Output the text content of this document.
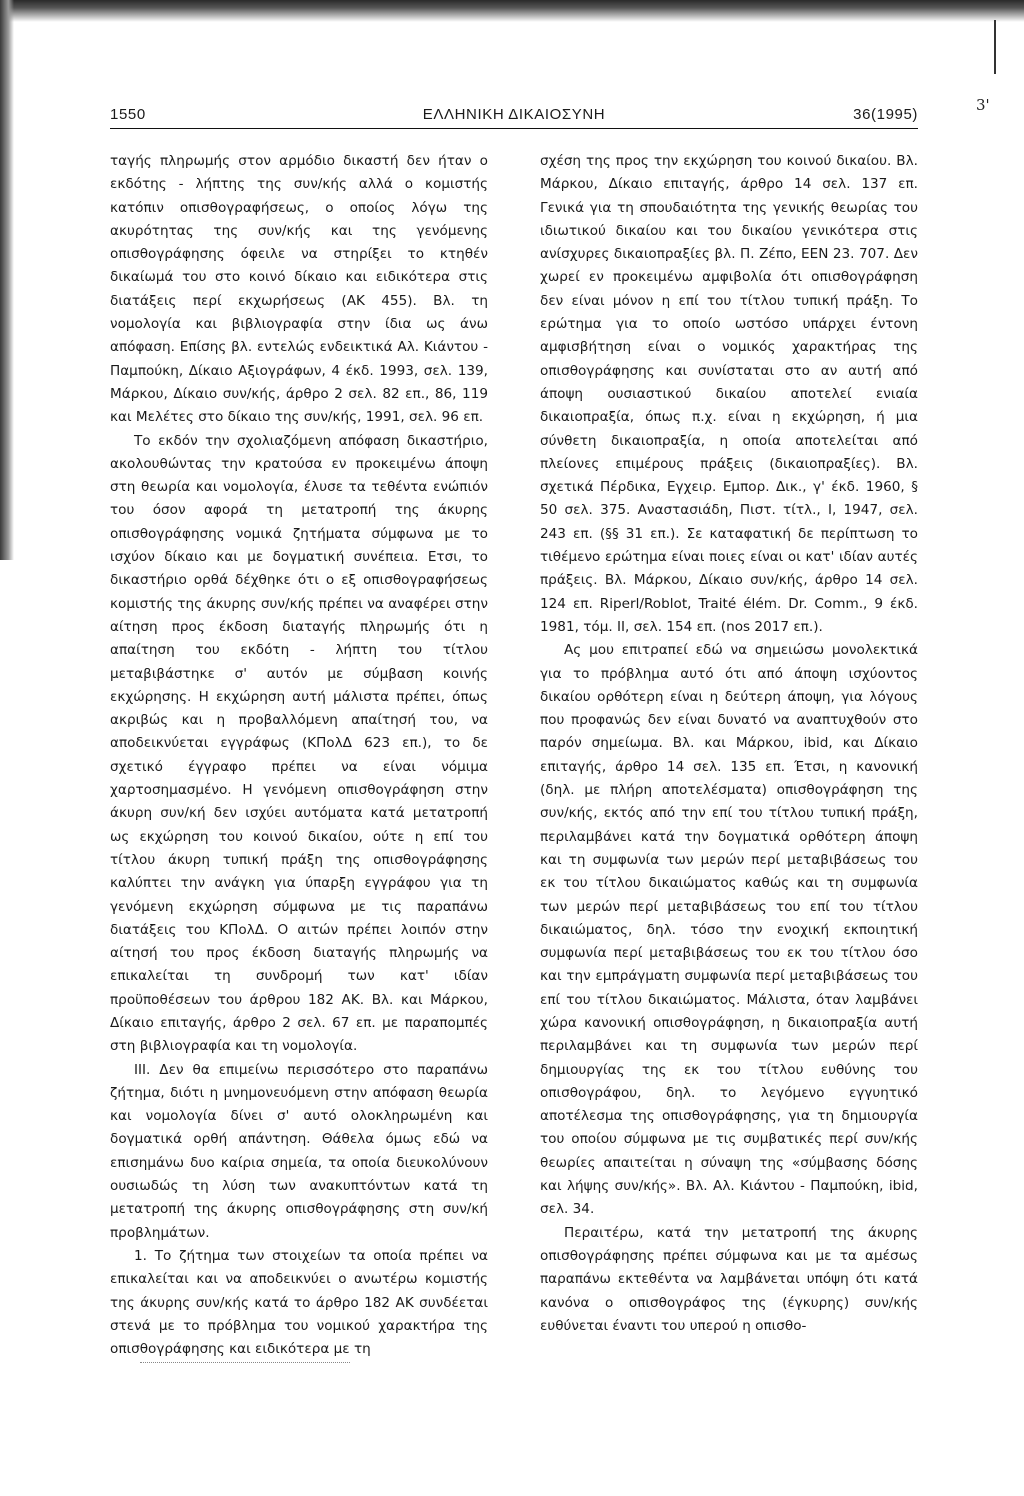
3'
1550	ΕΛΛΗΝΙΚΗ ΔΙΚΑΙΟΣΥΝΗ	36(1995)

ταγής πληρωμής στον αρμόδιο δικαστή δεν ήταν ο εκδότης - λήπτης της συν/κής αλλά ο κομιστής κατόπιν οπισθογραφήσεως, ο οποίος λόγω της ακυρότητας της συν/κής και της γενόμενης οπισθογράφησης όφειλε να στηρίξει το κτηθέν δικαίωμά του στο κοινό δίκαιο και ειδικότερα στις διατάξεις περί εκχωρήσεως (ΑΚ 455). Βλ. τη νομολογία και βιβλιογραφία στην ίδια ως άνω απόφαση. Επίσης βλ. εντελώς ενδεικτικά Αλ. Κιάντου - Παμπούκη, Δίκαιο Αξιογράφων, 4 έκδ. 1993, σελ. 139, Μάρκου, Δίκαιο συν/κής, άρθρο 2 σελ. 82 επ., 86, 119 και Μελέτες στο δίκαιο της συν/κής, 1991, σελ. 96 επ.

Το εκδόν την σχολιαζόμενη απόφαση δικαστήριο, ακολουθώντας την κρατούσα εν προκειμένω άποψη στη θεωρία και νομολογία, έλυσε τα τεθέντα ενώπιόν του όσον αφορά τη μετατροπή της άκυρης οπισθογράφησης νομικά ζητήματα σύμφωνα με το ισχύον δίκαιο και με δογματική συνέπεια. Ετσι, το δικαστήριο ορθά δέχθηκε ότι ο εξ οπισθογραφήσεως κομιστής της άκυρης συν/κής πρέπει να αναφέρει στην αίτηση προς έκδοση διαταγής πληρωμής ότι η απαίτηση του εκδότη - λήπτη του τίτλου μεταβιβάστηκε σ' αυτόν με σύμβαση κοινής εκχώρησης. Η εκχώρηση αυτή μάλιστα πρέπει, όπως ακριβώς και η προβαλλόμενη απαίτησή του, να αποδεικνύεται εγγράφως (ΚΠολΔ 623 επ.), το δε σχετικό έγγραφο πρέπει να είναι νόμιμα χαρτοσημασμένο. Η γενόμενη οπισθογράφηση στην άκυρη συν/κή δεν ισχύει αυτόματα κατά μετατροπή ως εκχώρηση του κοινού δικαίου, ούτε η επί του τίτλου άκυρη τυπική πράξη της οπισθογράφησης καλύπτει την ανάγκη για ύπαρξη εγγράφου για τη γενόμενη εκχώρηση σύμφωνα με τις παραπάνω διατάξεις του ΚΠολΔ. Ο αιτών πρέπει λοιπόν στην αίτησή του προς έκδοση διαταγής πληρωμής να επικαλείται τη συνδρομή των κατ' ιδίαν προϋποθέσεων του άρθρου 182 ΑΚ. Βλ. και Μάρκου, Δίκαιο επιταγής, άρθρο 2 σελ. 67 επ. με παραπομπές στη βιβλιογραφία και τη νομολογία.

ΙΙΙ. Δεν θα επιμείνω περισσότερο στο παραπάνω ζήτημα, διότι η μνημονευόμενη στην απόφαση θεωρία και νομολογία δίνει σ' αυτό ολοκληρωμένη και δογματικά ορθή απάντηση. Θάθελα όμως εδώ να επισημάνω δυο καίρια σημεία, τα οποία διευκολύνουν ουσιωδώς τη λύση των ανακυπτόντων κατά τη μετατροπή της άκυρης οπισθογράφησης στη συν/κή προβλημάτων.

1. Το ζήτημα των στοιχείων τα οποία πρέπει να επικαλείται και να αποδεικνύει ο ανωτέρω κομιστής της άκυρης συν/κής κατά το άρθρο 182 ΑΚ συνδέεται στενά με το πρόβλημα του νομικού χαρακτήρα της οπισθογράφησης και ειδικότερα με τη

σχέση της προς την εκχώρηση του κοινού δικαίου. Βλ. Μάρκου, Δίκαιο επιταγής, άρθρο 14 σελ. 137 επ. Γενικά για τη σπουδαιότητα της γενικής θεωρίας του ιδιωτικού δικαίου και του δικαίου γενικότερα στις ανίσχυρες δικαιοπραξίες βλ. Π. Ζέπο, ΕΕΝ 23. 707. Δεν χωρεί εν προκειμένω αμφιβολία ότι οπισθογράφηση δεν είναι μόνον η επί του τίτλου τυπική πράξη. Το ερώτημα για το οποίο ωστόσο υπάρχει έντονη αμφισβήτηση είναι ο νομικός χαρακτήρας της οπισθογράφησης και συνίσταται στο αν αυτή από άποψη ουσιαστικού δικαίου αποτελεί ενιαία δικαιοπραξία, όπως π.χ. είναι η εκχώρηση, ή μια σύνθετη δικαιοπραξία, η οποία αποτελείται από πλείονες επιμέρους πράξεις (δικαιοπραξίες). Βλ. σχετικά Πέρδικα, Εγχειρ. Εμπορ. Δικ., γ' έκδ. 1960, § 50 σελ. 375. Αναστασιάδη, Πιστ. τίτλ., Ι, 1947, σελ. 243 επ. (§§ 31 επ.). Σε καταφατική δε περίπτωση το τιθέμενο ερώτημα είναι ποιες είναι οι κατ' ιδίαν αυτές πράξεις. Βλ. Μάρκου, Δίκαιο συν/κής, άρθρο 14 σελ. 124 επ. Riperl/Roblot, Traité élém. Dr. Comm., 9 έκδ. 1981, τόμ. ΙΙ, σελ. 154 επ. (nos 2017 επ.).

Ας μου επιτραπεί εδώ να σημειώσω μονολεκτικά για το πρόβλημα αυτό ότι από άποψη ισχύοντος δικαίου ορθότερη είναι η δεύτερη άποψη, για λόγους που προφανώς δεν είναι δυνατό να αναπτυχθούν στο παρόν σημείωμα. Βλ. και Μάρκου, ibid, και Δίκαιο επιταγής, άρθρο 14 σελ. 135 επ. Έτσι, η κανονική (δηλ. με πλήρη αποτελέσματα) οπισθογράφηση της συν/κής, εκτός από την επί του τίτλου τυπική πράξη, περιλαμβάνει κατά την δογματικά ορθότερη άποψη και τη συμφωνία των μερών περί μεταβιβάσεως του εκ του τίτλου δικαιώματος καθώς και τη συμφωνία των μερών περί μεταβιβάσεως του επί του τίτλου δικαιώματος, δηλ. τόσο την ενοχική εκποιητική συμφωνία περί μεταβιβάσεως του εκ του τίτλου όσο και την εμπράγματη συμφωνία περί μεταβιβάσεως του επί του τίτλου δικαιώματος. Μάλιστα, όταν λαμβάνει χώρα κανονική οπισθογράφηση, η δικαιοπραξία αυτή περιλαμβάνει και τη συμφωνία των μερών περί δημιουργίας της εκ του τίτλου ευθύνης του οπισθογράφου, δηλ. το λεγόμενο εγγυητικό αποτέλεσμα της οπισθογράφησης, για τη δημιουργία του οποίου σύμφωνα με τις συμβατικές περί συν/κής θεωρίες απαιτείται η σύναψη της «σύμβασης δόσης και λήψης συν/κής». Βλ. Αλ. Κιάντου - Παμπούκη, ibid, σελ. 34.

Περαιτέρω, κατά την μετατροπή της άκυρης οπισθογράφησης πρέπει σύμφωνα και με τα αμέσως παραπάνω εκτεθέντα να λαμβάνεται υπόψη ότι κατά κανόνα ο οπισθογράφος της (έγκυρης) συν/κής ευθύνεται έναντι του υπερού η οπισθο-
